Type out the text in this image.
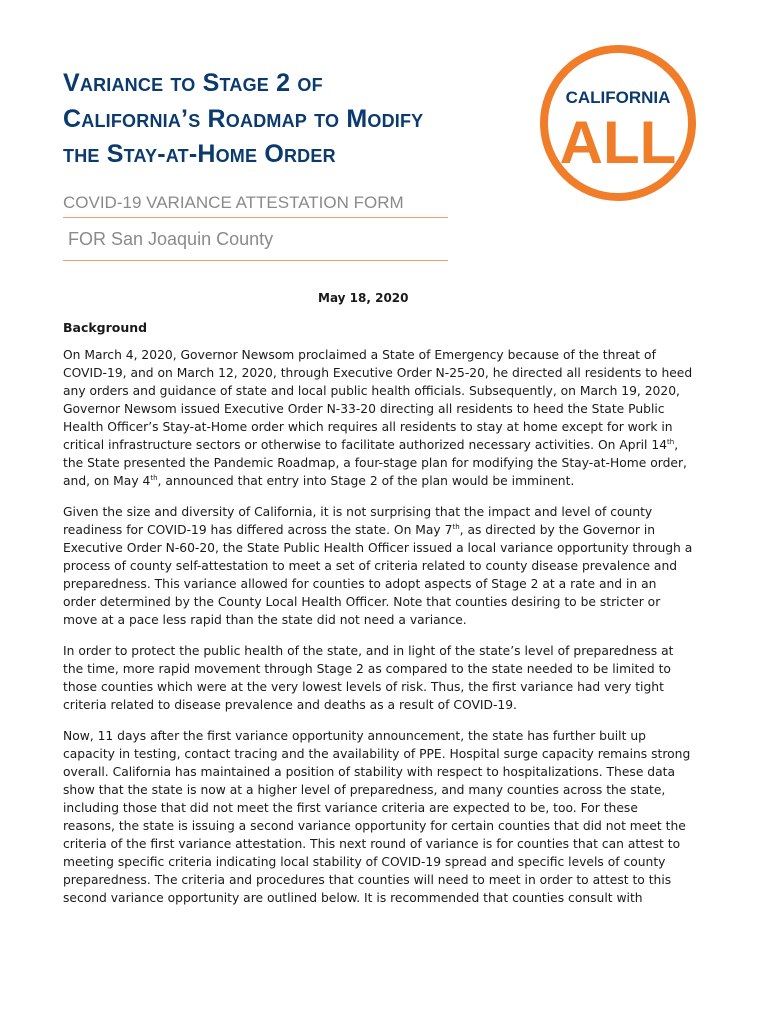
Variance to Stage 2 of
California’s Roadmap to Modify
the Stay-at-Home Order
COVID-19 VARIANCE ATTESTATION FORM
FOR San Joaquin County
CALIFORNIA
ALL
May 18, 2020
Background

On March 4, 2020, Governor Newsom proclaimed a State of Emergency because of the threat of COVID-19, and on March 12, 2020, through Executive Order N-25-20, he directed all residents to heed any orders and guidance of state and local public health officials. Subsequently, on March 19, 2020, Governor Newsom issued Executive Order N-33-20 directing all residents to heed the State Public Health Officer’s Stay-at-Home order which requires all residents to stay at home except for work in critical infrastructure sectors or otherwise to facilitate authorized necessary activities. On April 14th, the State presented the Pandemic Roadmap, a four-stage plan for modifying the Stay-at-Home order, and, on May 4th, announced that entry into Stage 2 of the plan would be imminent.

Given the size and diversity of California, it is not surprising that the impact and level of county readiness for COVID-19 has differed across the state. On May 7th, as directed by the Governor in Executive Order N-60-20, the State Public Health Officer issued a local variance opportunity through a process of county self-attestation to meet a set of criteria related to county disease prevalence and preparedness. This variance allowed for counties to adopt aspects of Stage 2 at a rate and in an order determined by the County Local Health Officer. Note that counties desiring to be stricter or move at a pace less rapid than the state did not need a variance.

In order to protect the public health of the state, and in light of the state’s level of preparedness at the time, more rapid movement through Stage 2 as compared to the state needed to be limited to those counties which were at the very lowest levels of risk. Thus, the first variance had very tight criteria related to disease prevalence and deaths as a result of COVID-19.

Now, 11 days after the first variance opportunity announcement, the state has further built up capacity in testing, contact tracing and the availability of PPE. Hospital surge capacity remains strong overall. California has maintained a position of stability with respect to hospitalizations. These data show that the state is now at a higher level of preparedness, and many counties across the state, including those that did not meet the first variance criteria are expected to be, too. For these reasons, the state is issuing a second variance opportunity for certain counties that did not meet the criteria of the first variance attestation. This next round of variance is for counties that can attest to meeting specific criteria indicating local stability of COVID-19 spread and specific levels of county preparedness. The criteria and procedures that counties will need to meet in order to attest to this second variance opportunity are outlined below. It is recommended that counties consult with
